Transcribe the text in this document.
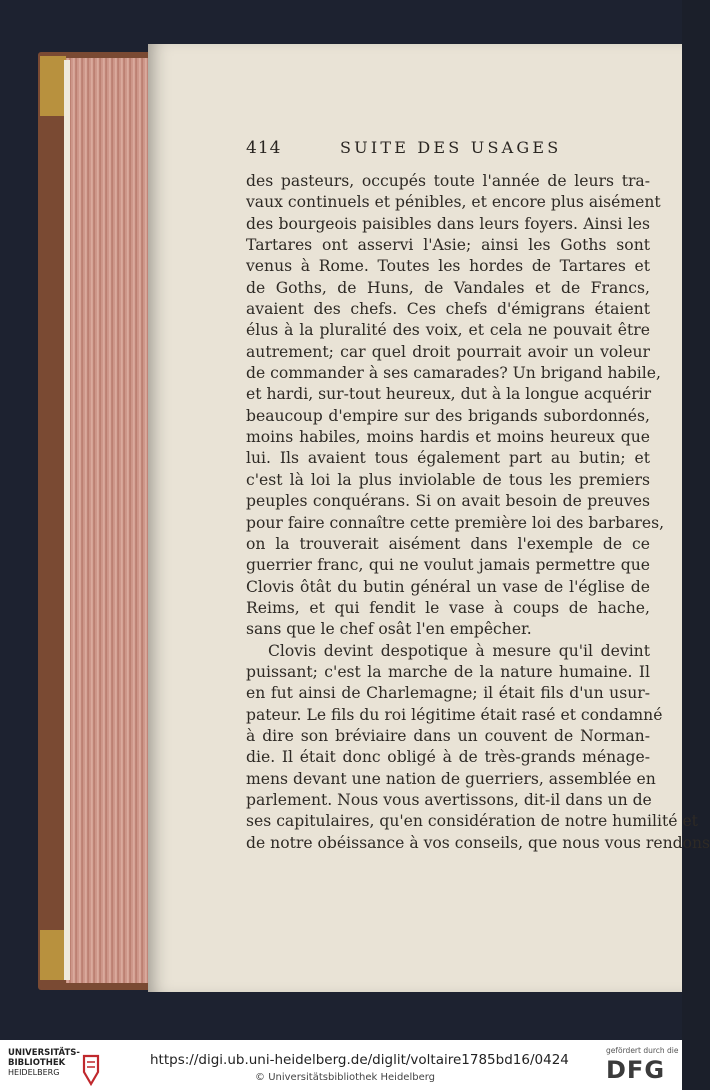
414	SUITE DES USAGES
des pasteurs, occupés toute l'année de leurs tra-
vaux continuels et pénibles, et encore plus aisément
des bourgeois paisibles dans leurs foyers. Ainsi les
Tartares ont asservi l'Asie; ainsi les Goths sont
venus à Rome. Toutes les hordes de Tartares et
de Goths, de Huns, de Vandales et de Francs,
avaient des chefs. Ces chefs d'émigrans étaient
élus à la pluralité des voix, et cela ne pouvait être
autrement; car quel droit pourrait avoir un voleur
de commander à ses camarades? Un brigand habile,
et hardi, sur-tout heureux, dut à la longue acquérir
beaucoup d'empire sur des brigands subordonnés,
moins habiles, moins hardis et moins heureux que
lui. Ils avaient tous également part au butin; et
c'est là loi la plus inviolable de tous les premiers
peuples conquérans. Si on avait besoin de preuves
pour faire connaître cette première loi des barbares,
on la trouverait aisément dans l'exemple de ce
guerrier franc, qui ne voulut jamais permettre que
Clovis ôtât du butin général un vase de l'église de
Reims, et qui fendit le vase à coups de hache,
sans que le chef osât l'en empêcher.
Clovis devint despotique à mesure qu'il devint
puissant; c'est la marche de la nature humaine. Il
en fut ainsi de Charlemagne; il était fils d'un usur-
pateur. Le fils du roi légitime était rasé et condamné
à dire son bréviaire dans un couvent de Norman-
die. Il était donc obligé à de très-grands ménage-
mens devant une nation de guerriers, assemblée en
parlement. Nous vous avertissons, dit-il dans un de
ses capitulaires, qu'en considération de notre humilité et
de notre obéissance à vos conseils, que nous vous rendons
UNIVERSITÄTS-
BIBLIOTHEK
HEIDELBERG
https://digi.ub.uni-heidelberg.de/diglit/voltaire1785bd16/0424
© Universitätsbibliothek Heidelberg
gefördert durch die
DFG
